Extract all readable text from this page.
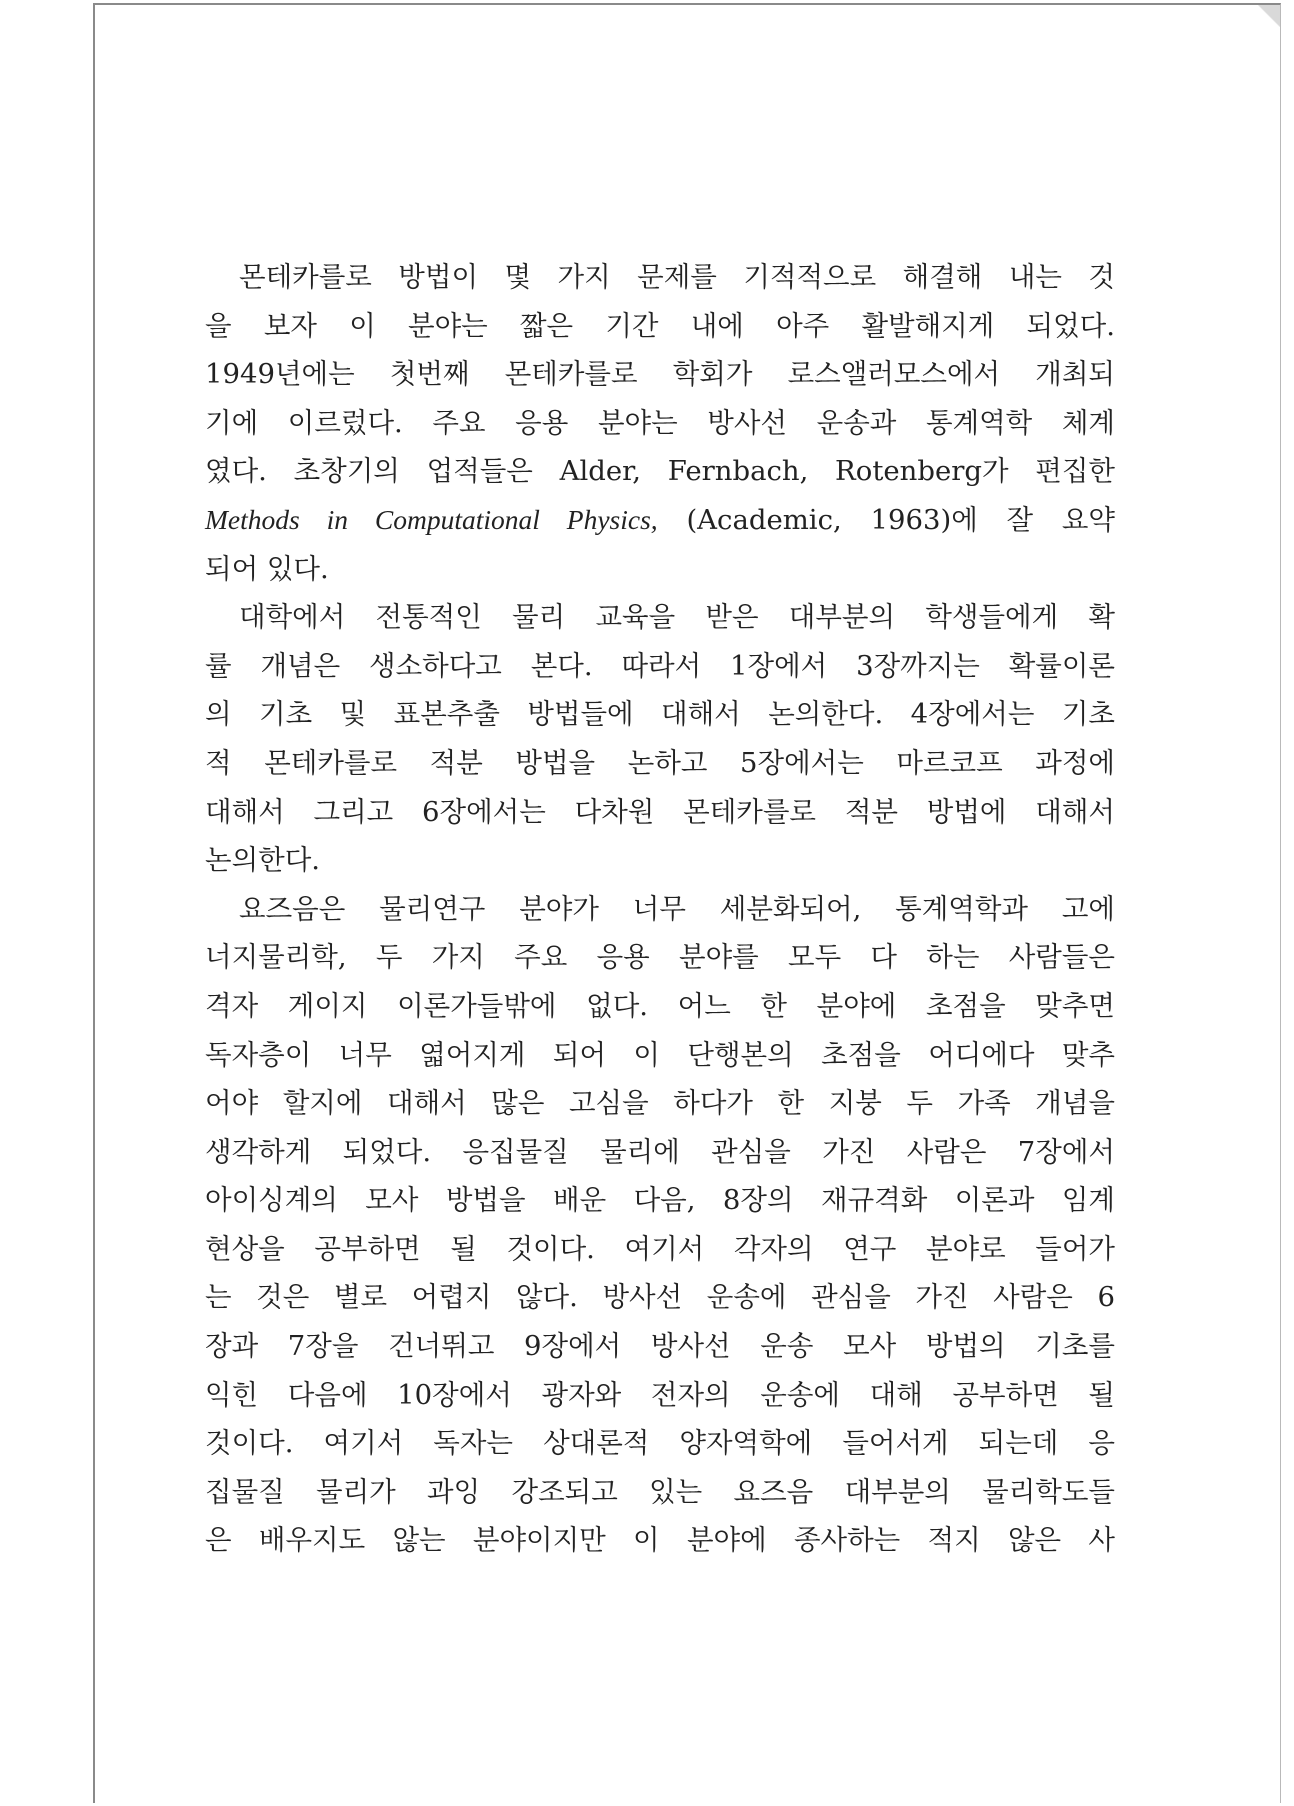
몬테카를로 방법이 몇 가지 문제를 기적적으로 해결해 내는 것
을 보자 이 분야는 짧은 기간 내에 아주 활발해지게 되었다.
1949년에는 첫번째 몬테카를로 학회가 로스앨러모스에서 개최되
기에 이르렀다. 주요 응용 분야는 방사선 운송과 통계역학 체계
였다. 초창기의 업적들은 Alder, Fernbach, Rotenberg가 편집한
Methods in Computational Physics, (Academic, 1963)에 잘 요약
되어 있다.
대학에서 전통적인 물리 교육을 받은 대부분의 학생들에게 확
률 개념은 생소하다고 본다. 따라서 1장에서 3장까지는 확률이론
의 기초 및 표본추출 방법들에 대해서 논의한다. 4장에서는 기초
적 몬테카를로 적분 방법을 논하고 5장에서는 마르코프 과정에
대해서 그리고 6장에서는 다차원 몬테카를로 적분 방법에 대해서
논의한다.
요즈음은 물리연구 분야가 너무 세분화되어, 통계역학과 고에
너지물리학, 두 가지 주요 응용 분야를 모두 다 하는 사람들은
격자 게이지 이론가들밖에 없다. 어느 한 분야에 초점을 맞추면
독자층이 너무 엷어지게 되어 이 단행본의 초점을 어디에다 맞추
어야 할지에 대해서 많은 고심을 하다가 한 지붕 두 가족 개념을
생각하게 되었다. 응집물질 물리에 관심을 가진 사람은 7장에서
아이싱계의 모사 방법을 배운 다음, 8장의 재규격화 이론과 임계
현상을 공부하면 될 것이다. 여기서 각자의 연구 분야로 들어가
는 것은 별로 어렵지 않다. 방사선 운송에 관심을 가진 사람은 6
장과 7장을 건너뛰고 9장에서 방사선 운송 모사 방법의 기초를
익힌 다음에 10장에서 광자와 전자의 운송에 대해 공부하면 될
것이다. 여기서 독자는 상대론적 양자역학에 들어서게 되는데 응
집물질 물리가 과잉 강조되고 있는 요즈음 대부분의 물리학도들
은 배우지도 않는 분야이지만 이 분야에 종사하는 적지 않은 사
